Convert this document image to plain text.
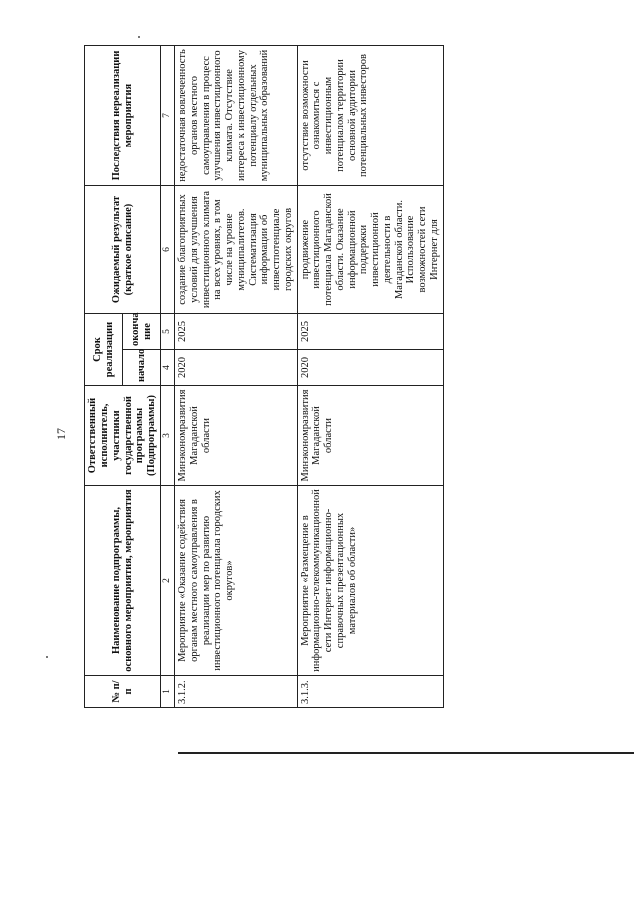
17
№ п/п	Наименование подпрограммы, основного мероприятия, мероприятия	Ответственный исполнитель, участники государственной программы (Подпрограммы)	Срок реализации		Ожидаемый результат (краткое описание)	Последствия нереализации мероприятия
			начало	оконча ние		
1	2	3	4	5	6	7
3.1.2.	Мероприятие «Оказание содействия органам местного самоуправления в реализации мер по развитию инвестиционного потенциала городских округов»	Минэкономразвития Магаданской области	2020	2025	создание благоприятных условий для улучшения инвестиционного климата на всех уровнях, в том числе на уровне муниципалитетов. Систематизация информации об инвестпотенциале городских округов	недостаточная вовлеченность органов местного самоуправления в процесс улучшения инвестиционного климата. Отсутствие интереса к инвестиционному потенциалу отдельных муниципальных образований
3.1.3.	Мероприятие «Размещение в информационно-телекоммуникационной сети Интернет информационно-справочных презентационных материалов об области»	Минэкономразвития Магаданской области	2020	2025	продвижение инвестиционного потенциала Магаданской области. Оказание информационной поддержки инвестиционной деятельности в Магаданской области. Использование возможностей сети Интернет для	отсутствие возможности ознакомиться с инвестиционным потенциалом территории основной аудитории потенциальных инвесторов
